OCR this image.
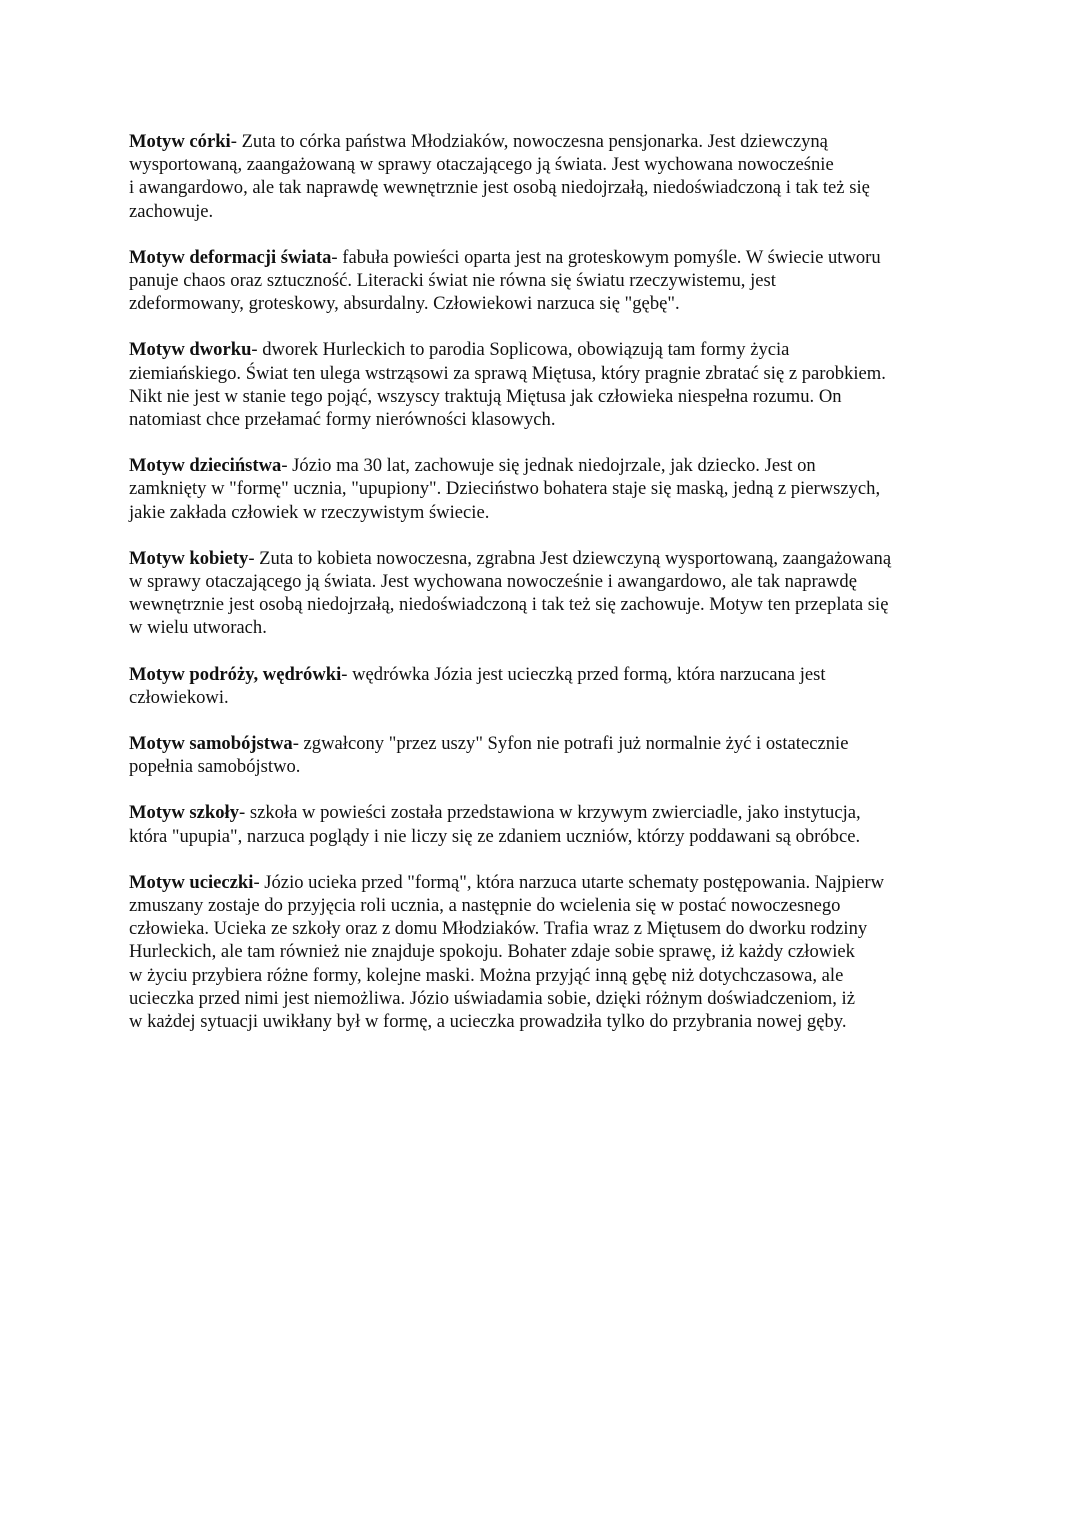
Motyw córki- Zuta to córka państwa Młodziaków, nowoczesna pensjonarka. Jest dziewczyną
wysportowaną, zaangażowaną w sprawy otaczającego ją świata. Jest wychowana nowocześnie
i awangardowo, ale tak naprawdę wewnętrznie jest osobą niedojrzałą, niedoświadczoną i tak też się
zachowuje.

Motyw deformacji świata- fabuła powieści oparta jest na groteskowym pomyśle. W świecie utworu
panuje chaos oraz sztuczność. Literacki świat nie równa się światu rzeczywistemu, jest
zdeformowany, groteskowy, absurdalny. Człowiekowi narzuca się "gębę".

Motyw dworku- dworek Hurleckich to parodia Soplicowa, obowiązują tam formy życia
ziemiańskiego. Świat ten ulega wstrząsowi za sprawą Miętusa, który pragnie zbratać się z parobkiem.
Nikt nie jest w stanie tego pojąć, wszyscy traktują Miętusa jak człowieka niespełna rozumu. On
natomiast chce przełamać formy nierówności klasowych.

Motyw dzieciństwa- Józio ma 30 lat, zachowuje się jednak niedojrzale, jak dziecko. Jest on
zamknięty w "formę" ucznia, "upupiony". Dzieciństwo bohatera staje się maską, jedną z pierwszych,
jakie zakłada człowiek w rzeczywistym świecie.

Motyw kobiety- Zuta to kobieta nowoczesna, zgrabna Jest dziewczyną wysportowaną, zaangażowaną
w sprawy otaczającego ją świata. Jest wychowana nowocześnie i awangardowo, ale tak naprawdę
wewnętrznie jest osobą niedojrzałą, niedoświadczoną i tak też się zachowuje. Motyw ten przeplata się
w wielu utworach.

Motyw podróży, wędrówki- wędrówka Józia jest ucieczką przed formą, która narzucana jest
człowiekowi.

Motyw samobójstwa- zgwałcony "przez uszy" Syfon nie potrafi już normalnie żyć i ostatecznie
popełnia samobójstwo.

Motyw szkoły- szkoła w powieści została przedstawiona w krzywym zwierciadle, jako instytucja,
która "upupia", narzuca poglądy i nie liczy się ze zdaniem uczniów, którzy poddawani są obróbce.

Motyw ucieczki- Józio ucieka przed "formą", która narzuca utarte schematy postępowania. Najpierw
zmuszany zostaje do przyjęcia roli ucznia, a następnie do wcielenia się w postać nowoczesnego
człowieka. Ucieka ze szkoły oraz z domu Młodziaków. Trafia wraz z Miętusem do dworku rodziny
Hurleckich, ale tam również nie znajduje spokoju. Bohater zdaje sobie sprawę, iż każdy człowiek
w życiu przybiera różne formy, kolejne maski. Można przyjąć inną gębę niż dotychczasowa, ale
ucieczka przed nimi jest niemożliwa. Józio uświadamia sobie, dzięki różnym doświadczeniom, iż
w każdej sytuacji uwikłany był w formę, a ucieczka prowadziła tylko do przybrania nowej gęby.
